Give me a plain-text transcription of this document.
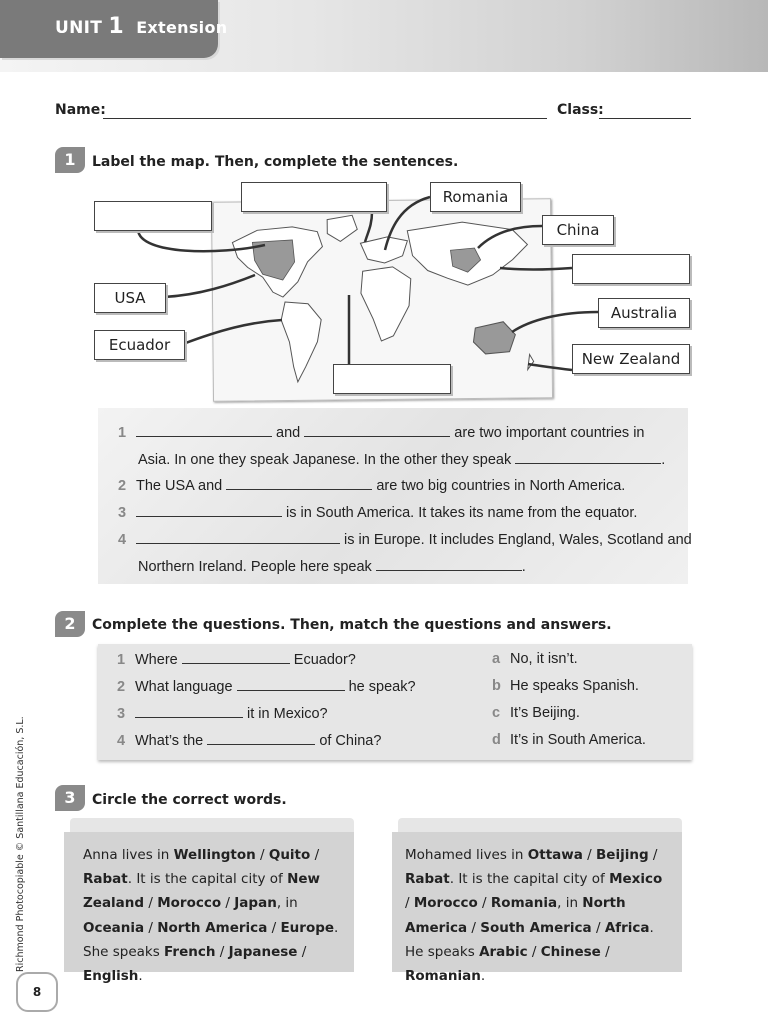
UNIT 1 Extension
Name:	Class:
1	Label the map. Then, complete the sentences.
Romania
China
USA
Ecuador
Australia
New Zealand
1	and	are two important countries in
Asia. In one they speak Japanese. In the other they speak	.
2 The USA and	are two big countries in North America.
3	is in South America. It takes its name from the equator.
4	is in Europe. It includes England, Wales, Scotland and
Northern Ireland. People here speak	.
2	Complete the questions. Then, match the questions and answers.
1 Where	Ecuador?
2 What language	he speak?
3	it in Mexico?
4 What’s the	of China?
a No, it isn’t.
b He speaks Spanish.
c It’s Beijing.
d It’s in South America.
3	Circle the correct words.
Anna lives in Wellington / Quito / Rabat. It is the capital city of New Zealand / Morocco / Japan, in Oceania / North America / Europe. She speaks French / Japanese / English.
Mohamed lives in Ottawa / Beijing / Rabat. It is the capital city of Mexico / Morocco / Romania, in North America / South America / Africa. He speaks Arabic / Chinese / Romanian.
Richmond Photocopiable © Santillana Educación, S.L.
8
